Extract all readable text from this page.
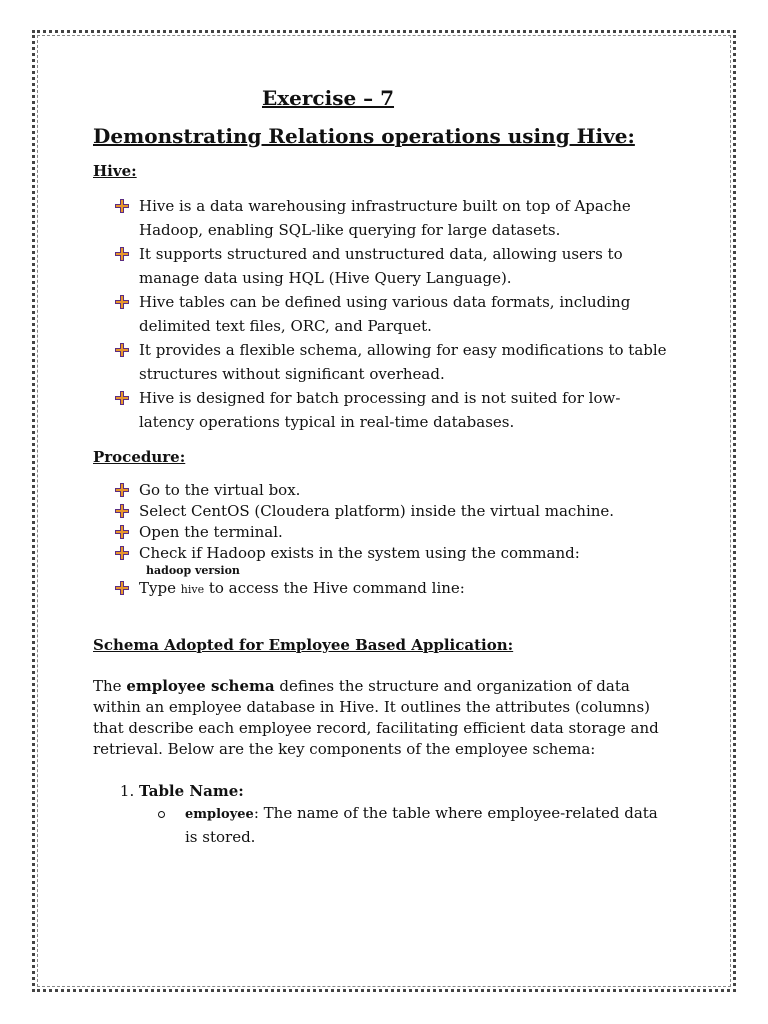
Exercise – 7
Demonstrating Relations operations using Hive:
Hive:
Hive is a data warehousing infrastructure built on top of Apache Hadoop, enabling SQL-like querying for large datasets.
It supports structured and unstructured data, allowing users to manage data using HQL (Hive Query Language).
Hive tables can be defined using various data formats, including delimited text files, ORC, and Parquet.
It provides a flexible schema, allowing for easy modifications to table structures without significant overhead.
Hive is designed for batch processing and is not suited for low-latency operations typical in real-time databases.
Procedure:
Go to the virtual box.
Select CentOS (Cloudera platform) inside the virtual machine.
Open the terminal.
Check if Hadoop exists in the system using the command:
hadoop version
Type hive to access the Hive command line:
Schema Adopted for Employee Based Application:

The employee schema defines the structure and organization of data within an employee database in Hive. It outlines the attributes (columns) that describe each employee record, facilitating efficient data storage and retrieval. Below are the key components of the employee schema:

1. Table Name:
employee: The name of the table where employee-related data is stored.
